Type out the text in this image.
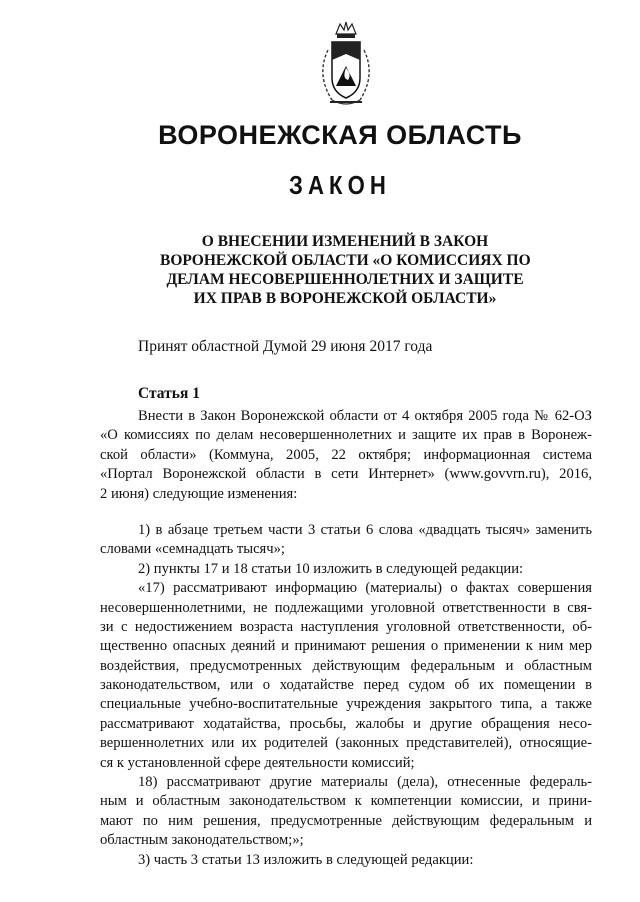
ВОРОНЕЖСКАЯ ОБЛАСТЬ
ЗАКОН
О ВНЕСЕНИИ ИЗМЕНЕНИЙ В ЗАКОН
ВОРОНЕЖСКОЙ ОБЛАСТИ «О КОМИССИЯХ ПО
ДЕЛАМ НЕСОВЕРШЕННОЛЕТНИХ И ЗАЩИТЕ
ИХ ПРАВ В ВОРОНЕЖСКОЙ ОБЛАСТИ»
Принят областной Думой 29 июня 2017 года
Статья 1
Внести в Закон Воронежской области от 4 октября 2005 года № 62-ОЗ
«О комиссиях по делам несовершеннолетних и защите их прав в Воронеж-
ской области» (Коммуна, 2005, 22 октября; информационная система
«Портал Воронежской области в сети Интернет» (www.govvrn.ru), 2016,
2 июня) следующие изменения:
1) в абзаце третьем части 3 статьи 6 слова «двадцать тысяч» заменить
словами «семнадцать тысяч»;
2) пункты 17 и 18 статьи 10 изложить в следующей редакции:
«17) рассматривают информацию (материалы) о фактах совершения
несовершеннолетними, не подлежащими уголовной ответственности в свя-
зи с недостижением возраста наступления уголовной ответственности, об-
щественно опасных деяний и принимают решения о применении к ним мер
воздействия, предусмотренных действующим федеральным и областным
законодательством, или о ходатайстве перед судом об их помещении в
специальные учебно-воспитательные учреждения закрытого типа, а также
рассматривают ходатайства, просьбы, жалобы и другие обращения несо-
вершеннолетних или их родителей (законных представителей), относящие-
ся к установленной сфере деятельности комиссий;
18) рассматривают другие материалы (дела), отнесенные федераль-
ным и областным законодательством к компетенции комиссии, и прини-
мают по ним решения, предусмотренные действующим федеральным и
областным законодательством;»;
3) часть 3 статьи 13 изложить в следующей редакции:
